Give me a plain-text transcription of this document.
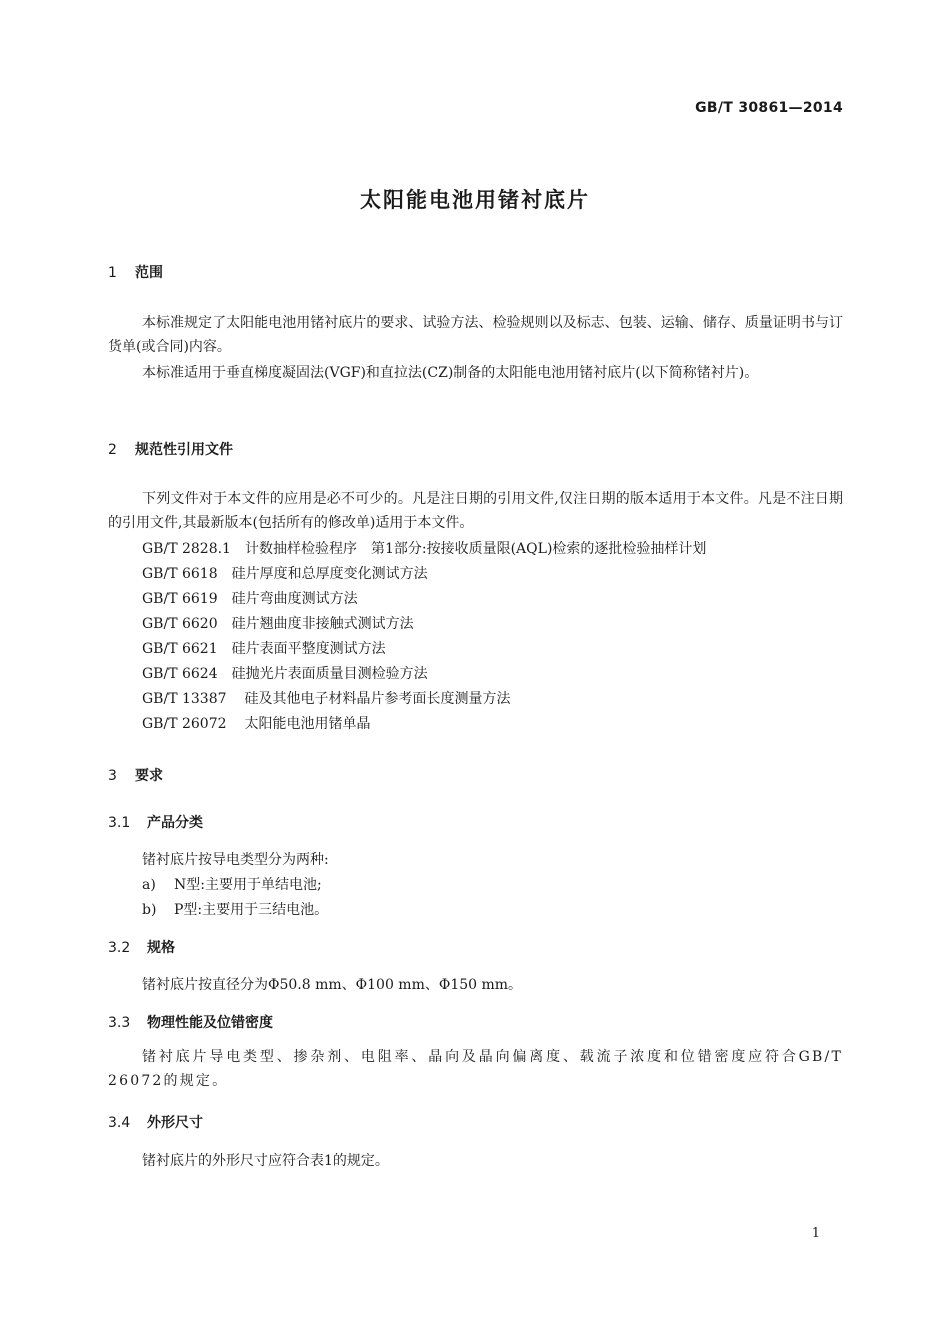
GB/T 30861—2014
太阳能电池用锗衬底片
1 范围
本标准规定了太阳能电池用锗衬底片的要求、试验方法、检验规则以及标志、包装、运输、储存、质量证明书与订货单(或合同)内容。
本标准适用于垂直梯度凝固法(VGF)和直拉法(CZ)制备的太阳能电池用锗衬底片(以下简称锗衬片)。
2 规范性引用文件
下列文件对于本文件的应用是必不可少的。凡是注日期的引用文件,仅注日期的版本适用于本文件。凡是不注日期的引用文件,其最新版本(包括所有的修改单)适用于本文件。
GB/T 2828.1 计数抽样检验程序　第1部分:按接收质量限(AQL)检索的逐批检验抽样计划
GB/T 6618 硅片厚度和总厚度变化测试方法
GB/T 6619 硅片弯曲度测试方法
GB/T 6620 硅片翘曲度非接触式测试方法
GB/T 6621 硅片表面平整度测试方法
GB/T 6624 硅抛光片表面质量目测检验方法
GB/T 13387 硅及其他电子材料晶片参考面长度测量方法
GB/T 26072 太阳能电池用锗单晶
3 要求
3.1 产品分类
锗衬底片按导电类型分为两种:
a) N型:主要用于单结电池;
b) P型:主要用于三结电池。
3.2 规格
锗衬底片按直径分为Φ50.8 mm、Φ100 mm、Φ150 mm。
3.3 物理性能及位错密度
锗衬底片导电类型、掺杂剂、电阻率、晶向及晶向偏离度、载流子浓度和位错密度应符合GB/T 26072的规定。
3.4 外形尺寸
锗衬底片的外形尺寸应符合表1的规定。
1
